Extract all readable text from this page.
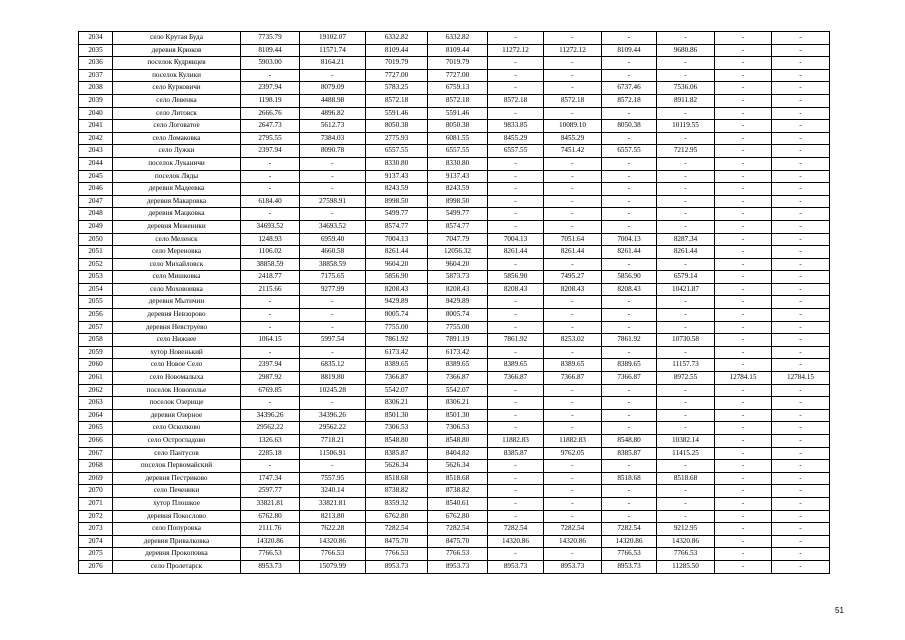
2034	село Крутая Буда	7735.79	19102.07	6332.82	6332.82	-	-	-	-	-	-
2035	деревня Крюков	8109.44	11571.74	8109.44	8109.44	11272.12	11272.12	8109.44	9680.86	-	-
2036	поселок Кудрявцев	5903.00	8164.21	7019.79	7019.79	-	-	-	-	-	-
2037	поселок Кулики	-	-	7727.00	7727.00	-	-	-	-	-	-
2038	село Курковичи	2397.94	8079.09	5783.25	6759.13	-	-	6737.46	7536.06	-	-
2039	село Левенка	1198.19	4488.98	8572.18	8572.18	8572.18	8572.18	8572.18	8911.82	-	-
2040	село Литовск	2666.76	4896.82	5591.46	5591.46	-	-	-	-	-	-
2041	село Логоватое	2647.73	5612.73	8050.38	8050.38	9833.85	10089.10	8050.38	10119.55	-	-
2042	село Ломаковка	2795.55	7384.03	2775.93	6081.55	8455.29	8455.29	-	-	-	-
2043	село Лужки	2397.94	8090.78	6557.55	6557.55	6557.55	7451.42	6557.55	7212.95	-	-
2044	поселок Луканичи	-	-	8330.80	8330.80	-	-	-	-	-	-
2045	поселок Ляды	-	-	9137.43	9137.43	-	-	-	-	-	-
2046	деревня Мадеевка	-	-	8243.59	8243.59	-	-	-	-	-	-
2047	деревня Макаровка	6184.40	27598.91	8998.50	8998.50	-	-	-	-	-	-
2048	деревня Мацковка	-	-	5499.77	5499.77	-	-	-	-	-	-
2049	деревня Меженики	34693.52	34693.52	8574.77	8574.77	-	-	-	-	-	-
2050	село Меленск	1248.93	6959.40	7004.13	7047.79	7004.13	7051.64	7004.13	8287.34	-	-
2051	село Мереновка	1106.02	4660.58	8261.44	12056.32	8261.44	8261.44	8261.44	8261.44	-	-
2052	село Михайловск	38858.59	38858.59	9604.20	9604.20	-	-	-	-	-	-
2053	село Мишковка	2418.77	7175.65	5856.90	5873.73	5856.90	7495.27	5856.90	6579.14	-	-
2054	село Моховоивка	2115.66	9277.99	8208.43	8208.43	8208.43	8208.43	8208.43	10421.87	-	-
2055	деревня Мытичин	-	-	9429.89	9429.89	-	-	-	-	-	-
2056	деревня Невзорово	-	-	8005.74	8005.74	-	-	-	-	-	-
2057	деревня Невструево	-	-	7755.00	7755.00	-	-	-	-	-	-
2058	село Нижнее	1064.15	5997.54	7861.92	7891.19	7861.92	8253.02	7861.92	10730.58	-	-
2059	хутор Новенький	-	-	6173.42	6173.42	-	-	-	-	-	-
2060	село Новое Село	2397.94	6835.12	8389.65	8389.65	8389.65	8389.65	8389.65	11157.73	-	-
2061	село Новомалыха	2987.92	8819.80	7366.87	7366.87	7366.87	7366.87	7366.87	8972.55	12784.15	12784.15
2062	поселок Новополье	6769.85	10245.28	5542.07	5542.07	-	-	-	-	-	-
2063	поселок Озерище	-	-	8306.21	8306.21	-	-	-	-	-	-
2064	деревня Озерное	34396.26	34396.26	8501.30	8501.30	-	-	-	-	-	-
2065	село Осколково	29562.22	29562.22	7306.53	7306.53	-	-	-	-	-	-
2066	село Острогладово	1326.63	7718.21	8548.80	8548.80	11882.83	11882.83	8548.80	10382.14	-	-
2067	село Пантусов	2285.18	11506.91	8385.87	8404.82	8385.87	9762.05	8385.87	11415.25	-	-
2068	поселок Первомайский	-	-	5626.34	5626.34	-	-	-	-	-	-
2069	деревня Пестриково	1747.34	7557.95	8518.68	8518.68	-	-	8518.68	8518.68	-	-
2070	село Печеники	2597.77	3240.14	8738.82	8738.82	-	-	-	-	-	-
2071	хутор Плошкое	33821.81	33821.81	8359.32	8540.61	-	-	-	-	-	-
2072	деревня Покослово	6762.80	8213.80	6762.80	6762.80	-	-	-	-	-	-
2073	село Попуровка	2111.76	7622.28	7282.54	7282.54	7282.54	7282.54	7282.54	9212.95	-	-
2074	деревня Привалковка	14320.86	14320.86	8475.70	8475.70	14320.86	14320.86	14320.86	14320.86	-	-
2075	деревня Прокоповка	7766.53	7766.53	7766.53	7766.53	-	-	7766.53	7766.53	-	-
2076	село Пролетарск	8953.73	15079.99	8953.73	8953.73	8953.73	8953.73	8953.73	11285.50	-	-
51
